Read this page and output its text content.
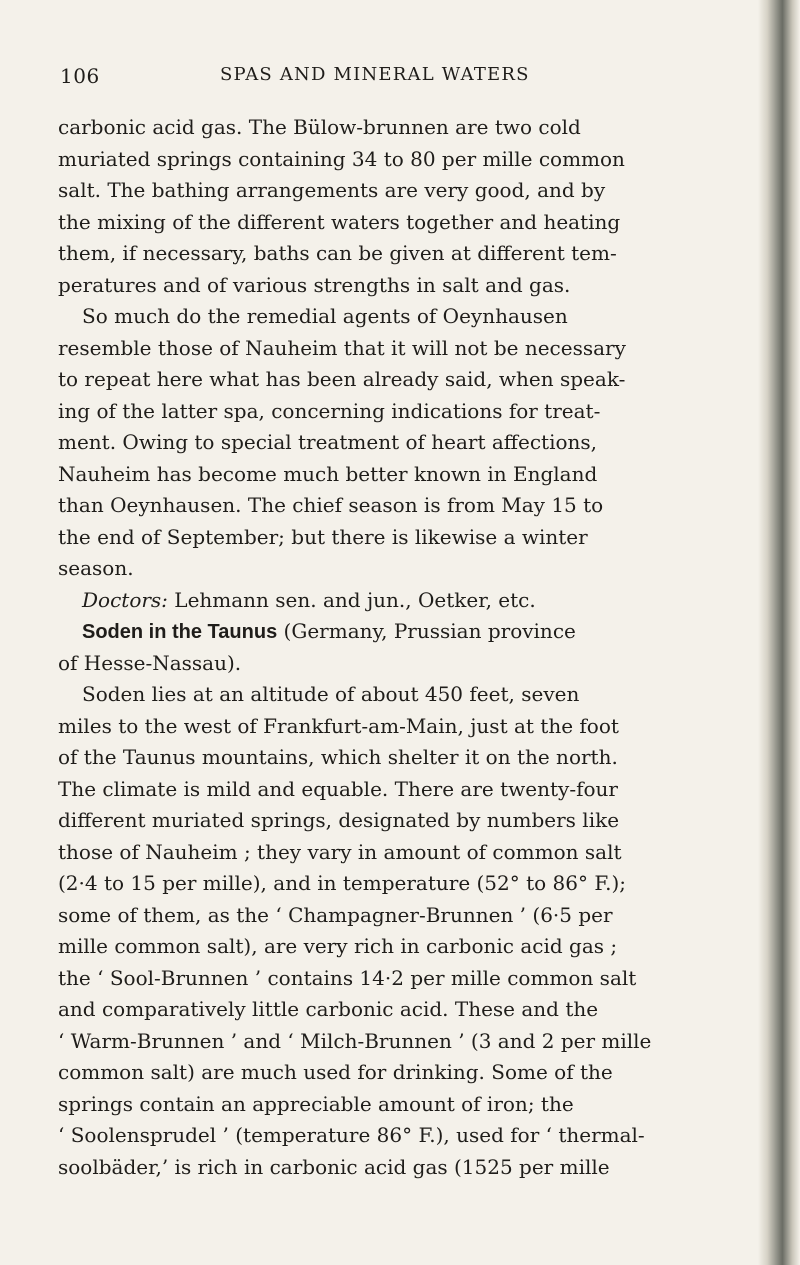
106	SPAS AND MINERAL WATERS
carbonic acid gas. The Bülow-brunnen are two cold
muriated springs containing 34 to 80 per mille common
salt. The bathing arrangements are very good, and by
the mixing of the different waters together and heating
them, if necessary, baths can be given at different tem-
peratures and of various strengths in salt and gas.
So much do the remedial agents of Oeynhausen
resemble those of Nauheim that it will not be necessary
to repeat here what has been already said, when speak-
ing of the latter spa, concerning indications for treat-
ment. Owing to special treatment of heart affections,
Nauheim has become much better known in England
than Oeynhausen. The chief season is from May 15 to
the end of September; but there is likewise a winter
season.
Doctors: Lehmann sen. and jun., Oetker, etc.
Soden in the Taunus (Germany, Prussian province
of Hesse-Nassau).
Soden lies at an altitude of about 450 feet, seven
miles to the west of Frankfurt-am-Main, just at the foot
of the Taunus mountains, which shelter it on the north.
The climate is mild and equable. There are twenty-four
different muriated springs, designated by numbers like
those of Nauheim ; they vary in amount of common salt
(2·4 to 15 per mille), and in temperature (52° to 86° F.);
some of them, as the ‘ Champagner-Brunnen ’ (6·5 per
mille common salt), are very rich in carbonic acid gas ;
the ‘ Sool-Brunnen ’ contains 14·2 per mille common salt
and comparatively little carbonic acid. These and the
‘ Warm-Brunnen ’ and ‘ Milch-Brunnen ’ (3 and 2 per mille
common salt) are much used for drinking. Some of the
springs contain an appreciable amount of iron; the
‘ Soolensprudel ’ (temperature 86° F.), used for ‘ thermal-
soolbäder,’ is rich in carbonic acid gas (1525 per mille
